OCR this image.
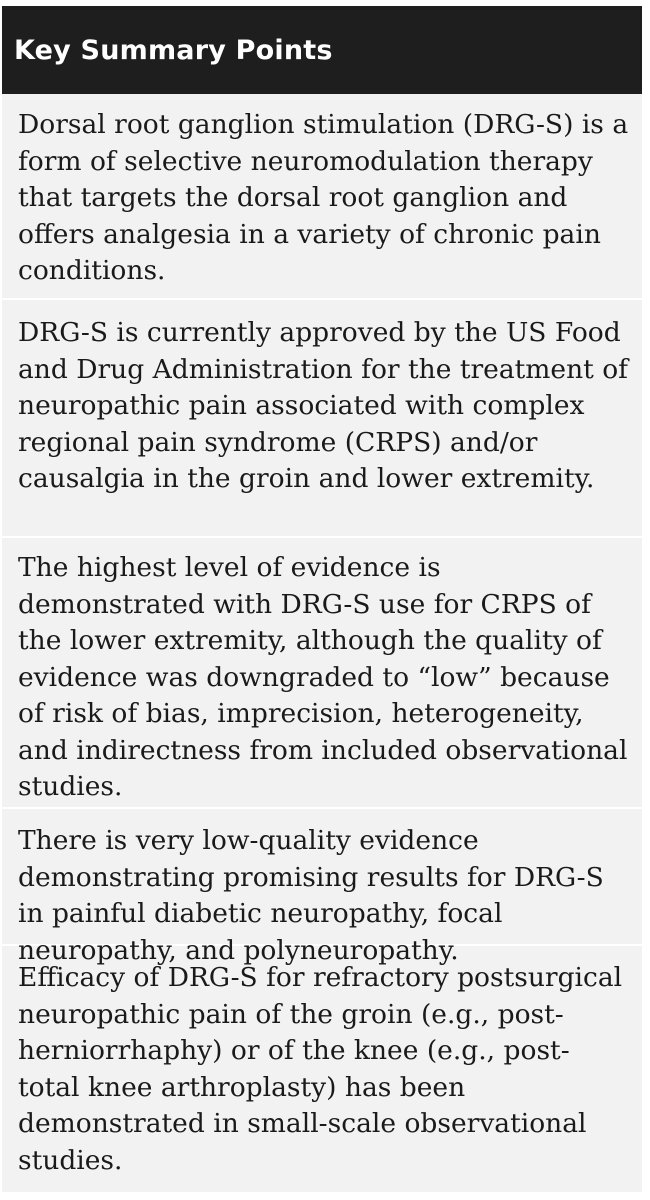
Key Summary Points
Dorsal root ganglion stimulation (DRG-S) is a form of selective neuromodulation therapy that targets the dorsal root ganglion and offers analgesia in a variety of chronic pain conditions.
DRG-S is currently approved by the US Food and Drug Administration for the treatment of neuropathic pain associated with complex regional pain syndrome (CRPS) and/or causalgia in the groin and lower extremity.
The highest level of evidence is demonstrated with DRG-S use for CRPS of the lower extremity, although the quality of evidence was downgraded to “low” because of risk of bias, imprecision, heterogeneity, and indirectness from included observational studies.
There is very low-quality evidence demonstrating promising results for DRG-S in painful diabetic neuropathy, focal neuropathy, and polyneuropathy.
Efficacy of DRG-S for refractory postsurgical neuropathic pain of the groin (e.g., post-herniorrhaphy) or of the knee (e.g., post-total knee arthroplasty) has been demonstrated in small-scale observational studies.
